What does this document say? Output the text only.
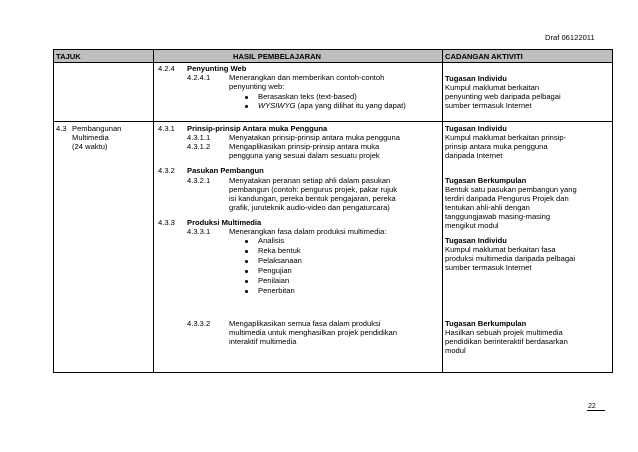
Draf 06122011
TAJUK	HASIL PEMBELAJARAN	CADANGAN AKTIVITI
4.2.4 Penyunting Web
4.2.4.1 Menerangkan dan memberikan contoh-contoh
penyunting web:
Berasaskan teks (text-based)
WYSIWYG (apa yang dilihat itu yang dapat)
Tugasan Individu
Kumpul maklumat berkaitan
penyunting web daripada pelbagai
sumber termasuk Internet
4.3 Pembangunan
Multimedia
(24 waktu)
4.3.1 Prinsip-prinsip Antara muka Pengguna
4.3.1.1 Menyatakan prinsip-prinsip antara muka pengguna
4.3.1.2 Mengaplikasikan prinsip-prinsip antara muka
pengguna yang sesuai dalam sesuatu projek
4.3.2 Pasukan Pembangun
4.3.2.1 Menyatakan peranan setiap ahli dalam pasukan
pembangun (contoh: pengurus projek, pakar rujuk
isi kandungan, pereka bentuk pengajaran, pereka
grafik, juruteknik audio-video dan pengaturcara)
4.3.3 Produksi Multimedia
4.3.3.1 Menerangkan fasa dalam produksi multimedia:
Analisis
Reka bentuk
Pelaksanaan
Pengujian
Penilaian
Penerbitan
4.3.3.2 Mengaplikasikan semua fasa dalam produksi
multimedia untuk menghasilkan projek pendidikan
interaktif multimedia
Tugasan Individu
Kumpul maklumat berkaitan prinsip-
prinsip antara muka pengguna
daripada Internet
Tugasan Berkumpulan
Bentuk satu pasukan pembangun yang
terdiri daripada Pengurus Projek dan
tentukan ahli-ahli dengan
tanggungjawab masing-masing
mengikut modul
Tugasan Individu
Kumpul maklumat berkaitan fasa
produksi multimedia daripada pelbagai
sumber termasuk Internet
Tugasan Berkumpulan
Hasilkan sebuah projek multimedia
pendidikan berinteraktif berdasarkan
modul
22
